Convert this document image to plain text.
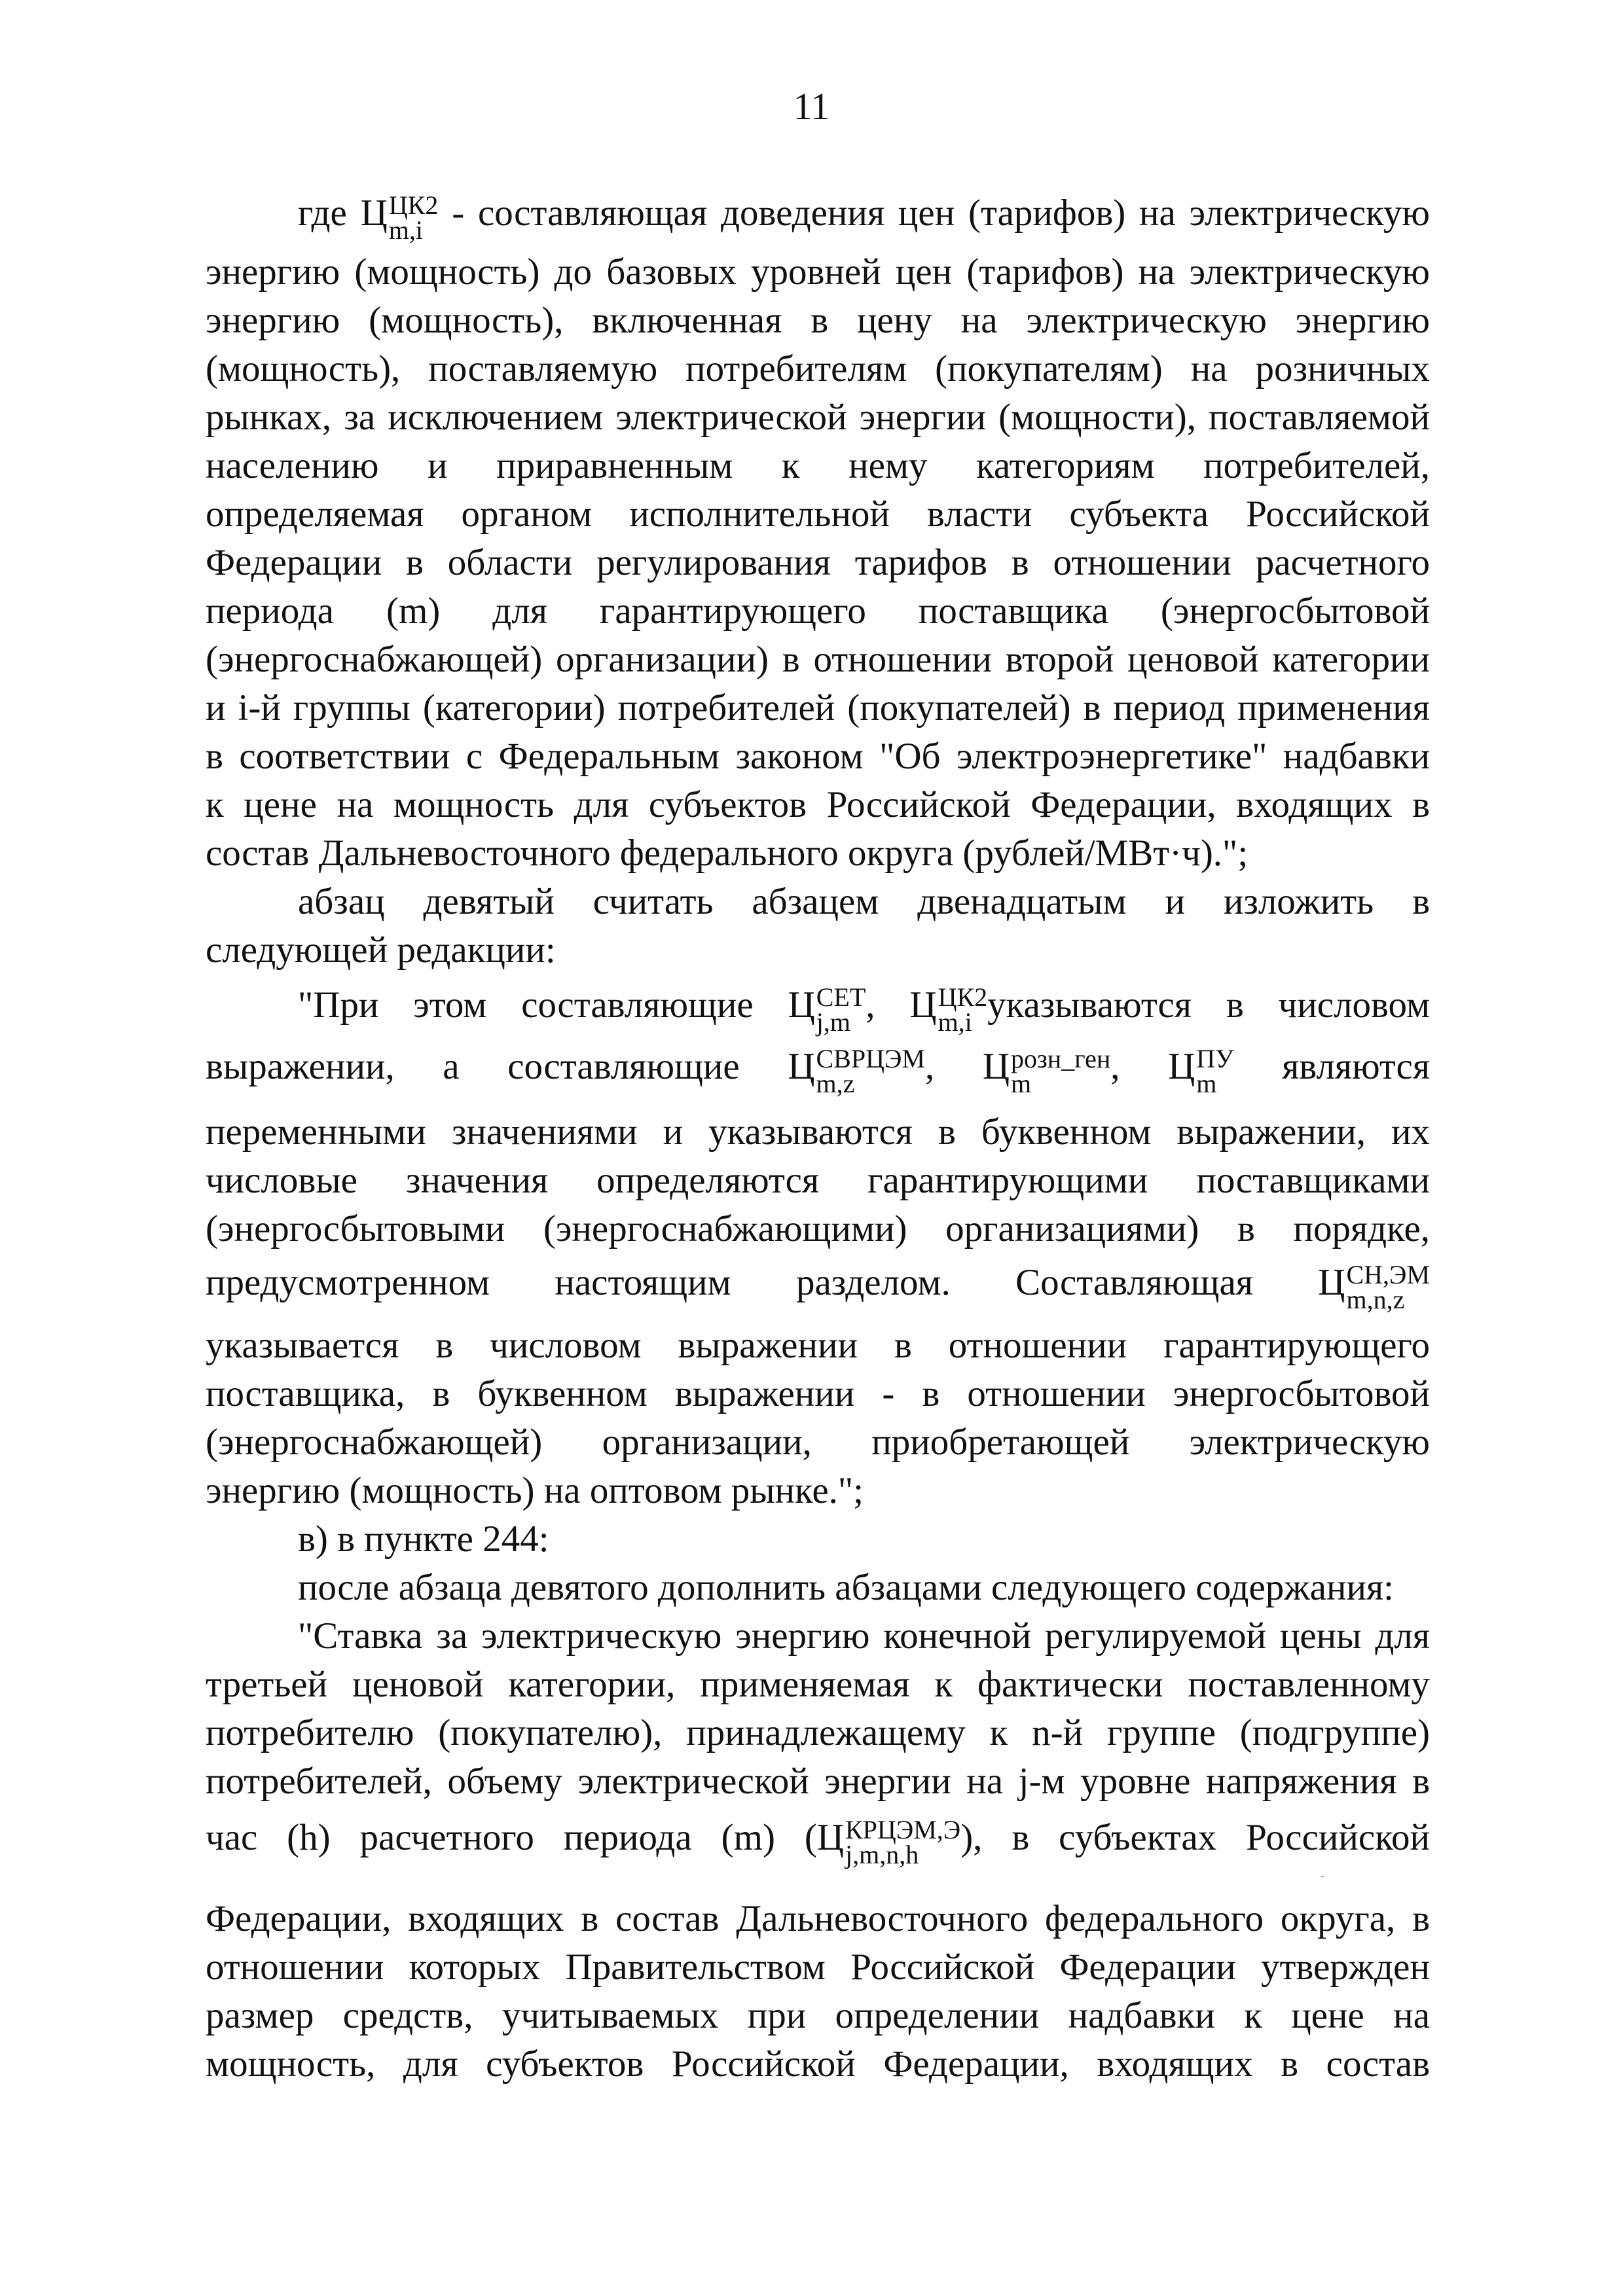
11
где Ц ЦК2
m,i - составляющая доведения цен (тарифов) на электрическую
энергию (мощность) до базовых уровней цен (тарифов) на электрическую
энергию (мощность), включенная в цену на электрическую энергию
(мощность), поставляемую потребителям (покупателям) на розничных
рынках, за исключением электрической энергии (мощности), поставляемой
населению и приравненным к нему категориям потребителей,
определяемая органом исполнительной власти субъекта Российской
Федерации в области регулирования тарифов в отношении расчетного
периода (m) для гарантирующего поставщика (энергосбытовой
(энергоснабжающей) организации) в отношении второй ценовой категории
и i-й группы (категории) потребителей (покупателей) в период применения
в соответствии с Федеральным законом "Об электроэнергетике" надбавки
к цене на мощность для субъектов Российской Федерации, входящих в
состав Дальневосточного федерального округа (рублей/МВт·ч).";
абзац девятый считать абзацем двенадцатым и изложить в
следующей редакции:
"При этом составляющие Ц СЕТ
j,m , Ц ЦК2
m,i указываются в числовом
выражении, а составляющие Ц СВРЦЭМ
m,z	, Ц розн_ген
m	, Ц ПУ
m	являются
переменными значениями и указываются в буквенном выражении, их
числовые значения определяются гарантирующими поставщиками
(энергосбытовыми (энергоснабжающими) организациями) в порядке,
предусмотренном настоящим разделом. Составляющая Ц СН,ЭМ
m,n,z
указывается в числовом выражении в отношении гарантирующего
поставщика, в буквенном выражении - в отношении энергосбытовой
(энергоснабжающей) организации, приобретающей электрическую
энергию (мощность) на оптовом рынке.";
в) в пункте 244:
после абзаца девятого дополнить абзацами следующего содержания:
"Ставка за электрическую энергию конечной регулируемой цены для
третьей ценовой категории, применяемая к фактически поставленному
потребителю (покупателю), принадлежащему к n-й группе (подгруппе)
потребителей, объему электрической энергии на j-м уровне напряжения в
час (h) расчетного периода (m) (Ц КРЦЭМ,Э
j,m,n,h	), в субъектах Российской
Федерации, входящих в состав Дальневосточного федерального округа, в
отношении которых Правительством Российской Федерации утвержден
размер средств, учитываемых при определении надбавки к цене на
мощность, для субъектов Российской Федерации, входящих в состав
